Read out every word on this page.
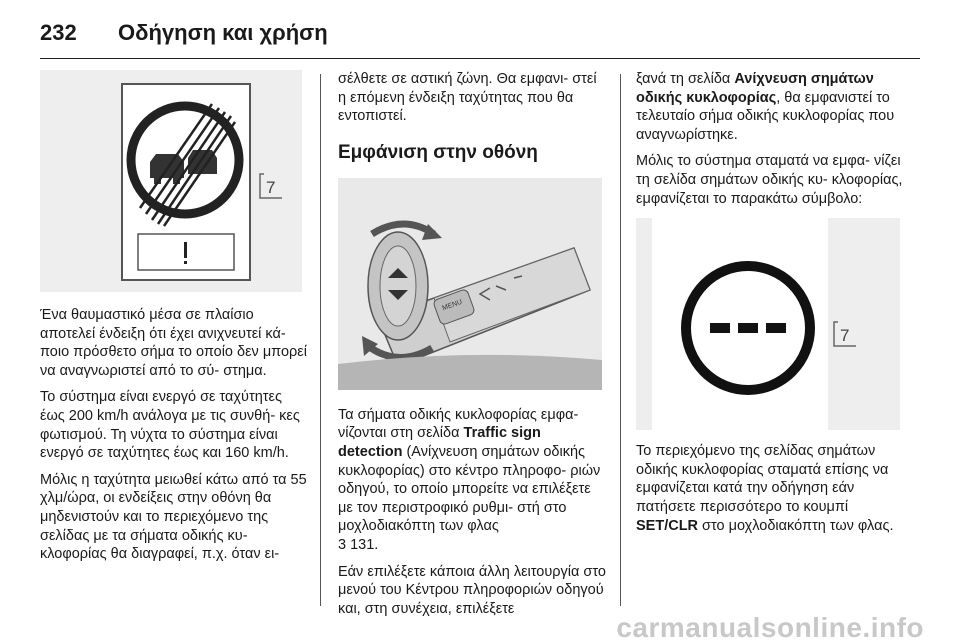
232 Οδήγηση και χρήση
7

Ένα θαυμαστικό μέσα σε πλαίσιο αποτελεί ένδειξη ότι έχει ανιχνευτεί κά- ποιο πρόσθετο σήμα το οποίο δεν μπορεί να αναγνωριστεί από το σύ- στημα.

Το σύστημα είναι ενεργό σε ταχύτητες έως 200 km/h ανάλογα με τις συνθή- κες φωτισμού. Τη νύχτα το σύστημα είναι ενεργό σε ταχύτητες έως και 160 km/h.

Μόλις η ταχύτητα μειωθεί κάτω από τα 55 χλμ/ώρα, οι ενδείξεις στην οθόνη θα μηδενιστούν και το περιεχόμενο της σελίδας με τα σήματα οδικής κυ- κλοφορίας θα διαγραφεί, π.χ. όταν ει-

σέλθετε σε αστική ζώνη. Θα εμφανι- στεί η επόμενη ένδειξη ταχύτητας που θα εντοπιστεί.

Εμφάνιση στην οθόνη
MENU

Τα σήματα οδικής κυκλοφορίας εμφα- νίζονται στη σελίδα Traffic sign detection (Ανίχνευση σημάτων οδικής κυκλοφορίας) στο κέντρο πληροφο- ριών οδηγού, το οποίο μπορείτε να επιλέξετε με τον περιστροφικό ρυθμι- στή στο μοχλοδιακόπτη των φλας
3 131.

Εάν επιλέξετε κάποια άλλη λειτουργία στο μενού του Κέντρου πληροφοριών οδηγού και, στη συνέχεια, επιλέξετε

ξανά τη σελίδα Ανίχνευση σημάτων οδικής κυκλοφορίας, θα εμφανιστεί το τελευταίο σήμα οδικής κυκλοφορίας που αναγνωρίστηκε.

Μόλις το σύστημα σταματά να εμφα- νίζει τη σελίδα σημάτων οδικής κυ- κλοφορίας, εμφανίζεται το παρακάτω σύμβολο:

7

Το περιεχόμενο της σελίδας σημάτων οδικής κυκλοφορίας σταματά επίσης να εμφανίζεται κατά την οδήγηση εάν πατήσετε περισσότερο το κουμπί SET/CLR στο μοχλοδιακόπτη των φλας.

carmanualsonline.info
